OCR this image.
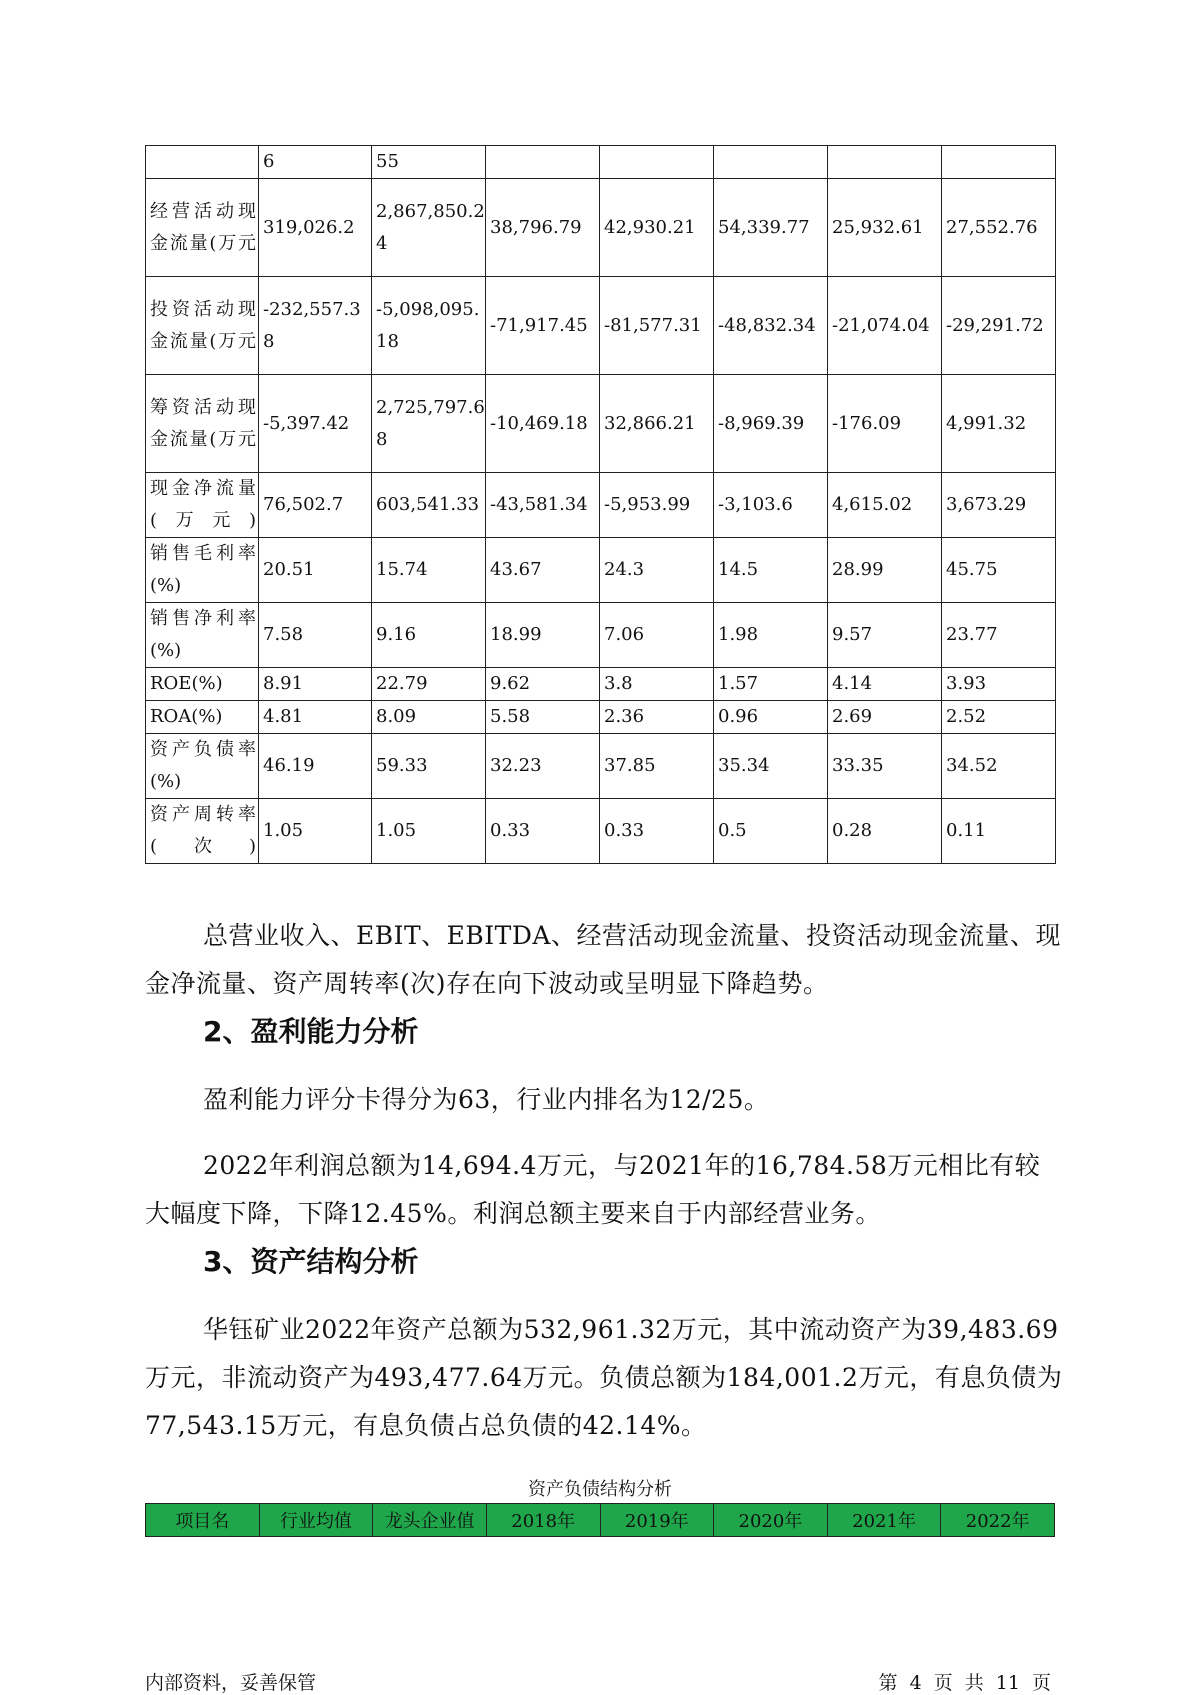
	6	55					
经营活动现金流量(万元	319,026.2	2,867,850.24	38,796.79	42,930.21	54,339.77	25,932.61	27,552.76
投资活动现金流量(万元	-232,557.38	-5,098,095.18	-71,917.45	-81,577.31	-48,832.34	-21,074.04	-29,291.72
筹资活动现金流量(万元	-5,397.42	2,725,797.68	-10,469.18	32,866.21	-8,969.39	-176.09	4,991.32
现金净流量(万元)	76,502.7	603,541.33	-43,581.34	-5,953.99	-3,103.6	4,615.02	3,673.29
销售毛利率(%)	20.51	15.74	43.67	24.3	14.5	28.99	45.75
销售净利率(%)	7.58	9.16	18.99	7.06	1.98	9.57	23.77
ROE(%)	8.91	22.79	9.62	3.8	1.57	4.14	3.93
ROA(%)	4.81	8.09	5.58	2.36	0.96	2.69	2.52
资产负债率(%)	46.19	59.33	32.23	37.85	35.34	33.35	34.52
资产周转率(次)	1.05	1.05	0.33	0.33	0.5	0.28	0.11

总营业收入、EBIT、EBITDA、经营活动现金流量、投资活动现金流量、现金净流量、资产周转率(次)存在向下波动或呈明显下降趋势。

2、盈利能力分析

盈利能力评分卡得分为63，行业内排名为12/25。

2022年利润总额为14,694.4万元，与2021年的16,784.58万元相比有较大幅度下降，下降12.45%。利润总额主要来自于内部经营业务。

3、资产结构分析

华钰矿业2022年资产总额为532,961.32万元，其中流动资产为39,483.69万元，非流动资产为493,477.64万元。负债总额为184,001.2万元，有息负债为77,543.15万元，有息负债占总负债的42.14%。

资产负债结构分析
项目名	行业均值	龙头企业值	2018年	2019年	2020年	2021年	2022年
内部资料，妥善保管	第 4 页 共 11 页
